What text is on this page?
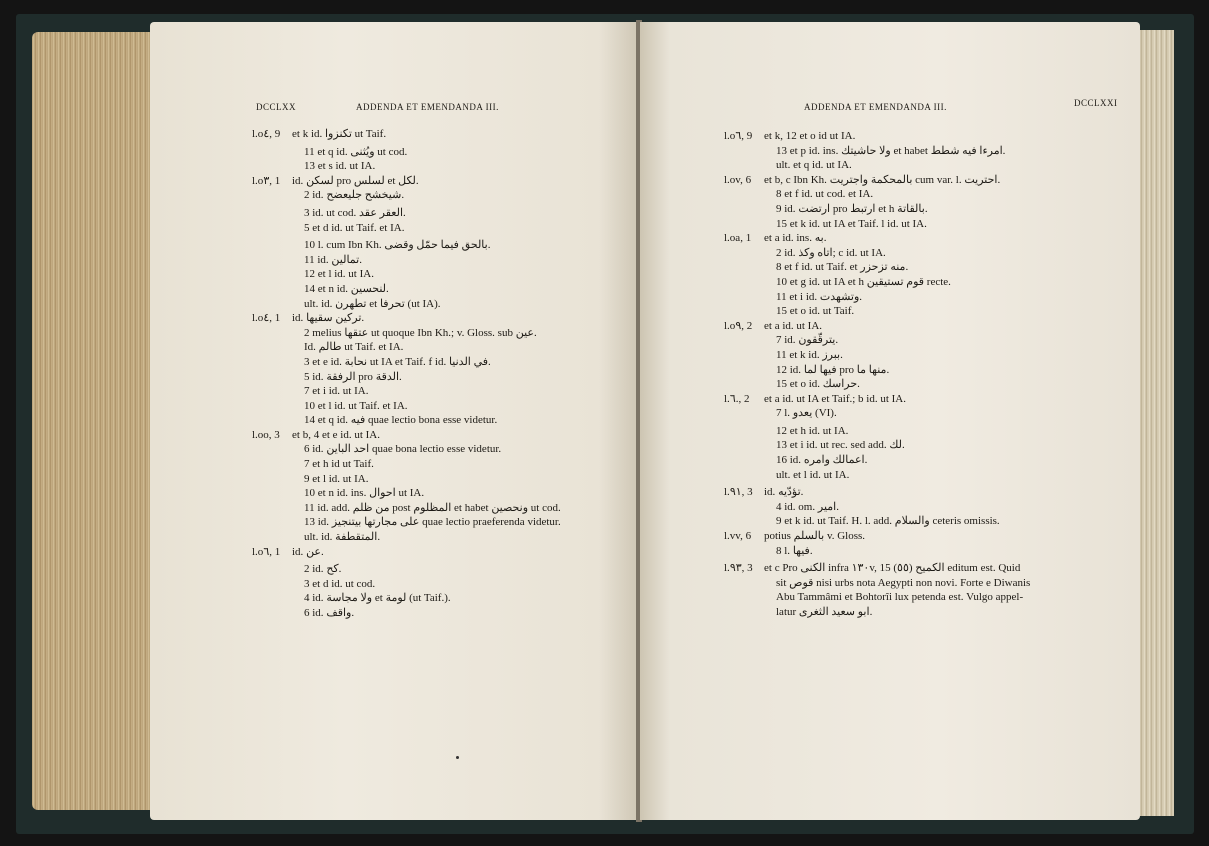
DCCLXX	ADDENDA ET EMENDANDA III.
l.o٤, 9 et k id. تكنزوا ut Taif.
11 et q id. ويُثنى ut cod.
13 et s id. ut IA.
l.o٣, 1 id. لسكن pro لسلس et لكل.
2 id. شيخشح جليعضح.
3 id. ut cod. العقر عقد.
5 et d id. ut Taif. et IA.
10 l. cum Ibn Kh. بالحق فيما حمّل وقضى.
11 id. تمالين.
12 et l id. ut IA.
14 et n id. لنحسين.
ult. id. تطهرن et تحرفا (ut IA).
l.o٤, 1 id. تركين سقيها.
2 melius عتقها ut quoque Ibn Kh.; v. Gloss. sub عين.
Id. طالم ut Taif. et IA.
3 et e id. نحابة ut IA et Taif. f id. في الدنيا.
5 id. الرفقة pro الدقة.
7 et i id. ut IA.
10 et l id. ut Taif. et IA.
14 et q id. فيه quae lectio bona esse videtur.
l.oo, 3 et b, 4 et e id. ut IA.
6 id. احد الباين quae bona lectio esse videtur.
7 et h id ut Taif.
9 et l id. ut IA.
10 et n id. ins. احوال ut IA.
11 id. add. من ظلم post المظلوم et habet ونحصين ut cod.
13 id. على مجارتها بيتنجيز quae lectio praeferenda videtur.
ult. id. المتقطفة.
l.o٦, 1 id. عن.
2 id. كح.
3 et d id. ut cod.
4 id. ولا مجاسة et لومة (ut Taif.).
6 id. واقف.
ADDENDA ET EMENDANDA III.	DCCLXXI
l.o٦, 9 et k, 12 et o id ut IA.
13 et p id. ins. ولا حاشيتك et habet امرءا فيه شطط.
ult. et q id. ut IA.
l.ov, 6 et b, c Ibn Kh. بالمحكمة واجتريت cum var. l. احتريت.
8 et f id. ut cod. et IA.
9 id. ارتضت pro ارتبط et h بالقاتة.
15 et k id. ut IA et Taif. l id. ut IA.
l.oa, 1 et a id. ins. به.
2 id. اتاه وكذ; c id. ut IA.
8 et f id. ut Taif. et منه تزحزر.
10 et g id. ut IA et h قوم تستيقين recte.
11 et i id. وتشهدت.
15 et o id. ut Taif.
l.o٩, 2 et a id. ut IA.
7 id. يترقّقون.
11 et k id. ببرز.
12 id. فيها لما pro منها ما.
15 et o id. حراسك.
l.٦., 2 et a id. ut IA et Taif.; b id. ut IA.
7 l. يعدو (VI).
12 et h id. ut IA.
13 et i id. ut rec. sed add. لك.
16 id. اعمالك وامره.
ult. et l id. ut IA.
l.٩١, 3 id. تؤدّيه.
4 id. om. امير.
9 et k id. ut Taif. H. l. add. والسلام ceteris omissis.
l.vv, 6 potius بالسلم v. Gloss.
8 l. فيها.
l.٩٣, 3 et c Pro الكنى infra ١٣٠v, 15 (٥٥) الكميح editum est. Quid
sit قوص nisi urbs nota Aegypti non novi. Forte e Diwanis
Abu Tammâmi et Bohtorîi lux petenda est. Vulgo appel-
latur ابو سعيد الثغرى.
